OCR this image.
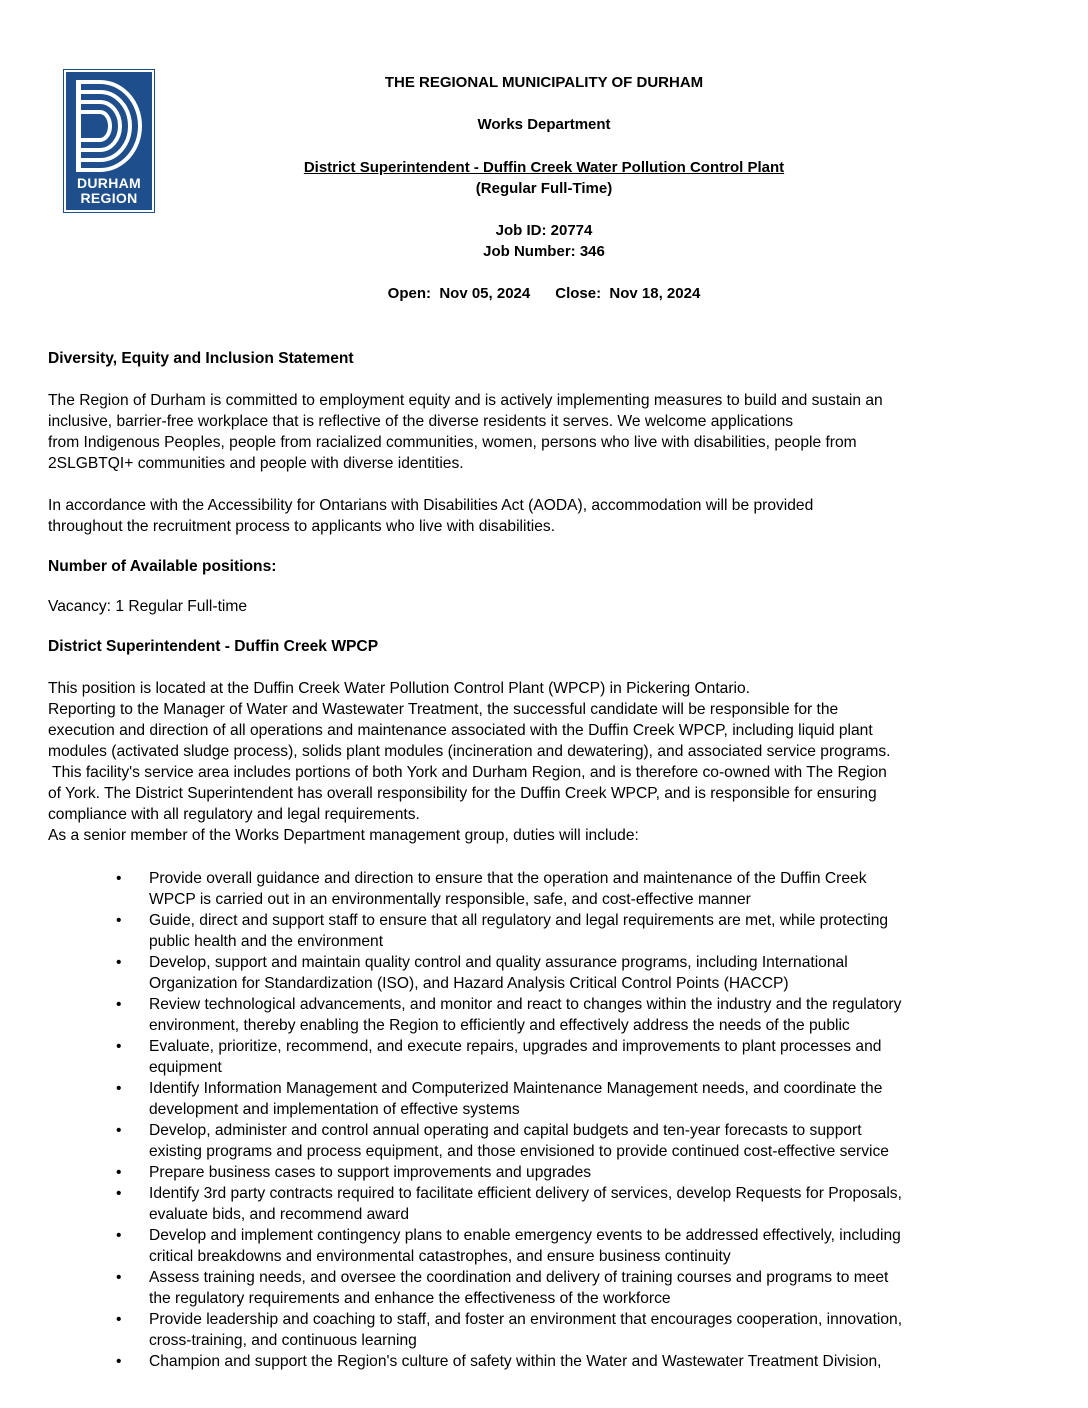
DURHAM
REGION
THE REGIONAL MUNICIPALITY OF DURHAM
Works Department
District Superintendent - Duffin Creek Water Pollution Control Plant
(Regular Full-Time)
Job ID: 20774
Job Number: 346
Open:  Nov 05, 2024      Close:  Nov 18, 2024

Diversity, Equity and Inclusion Statement

The Region of Durham is committed to employment equity and is actively implementing measures to build and sustain an

inclusive, barrier-free workplace that is reflective of the diverse residents it serves. We welcome applications

from Indigenous Peoples, people from racialized communities, women, persons who live with disabilities, people from

2SLGBTQI+ communities and people with diverse identities.

In accordance with the Accessibility for Ontarians with Disabilities Act (AODA), accommodation will be provided

throughout the recruitment process to applicants who live with disabilities.

Number of Available positions:

Vacancy: 1 Regular Full-time

District Superintendent - Duffin Creek WPCP

This position is located at the Duffin Creek Water Pollution Control Plant (WPCP) in Pickering Ontario.

Reporting to the Manager of Water and Wastewater Treatment, the successful candidate will be responsible for the

execution and direction of all operations and maintenance associated with the Duffin Creek WPCP, including liquid plant

modules (activated sludge process), solids plant modules (incineration and dewatering), and associated service programs.

This facility's service area includes portions of both York and Durham Region, and is therefore co-owned with The Region

of York. The District Superintendent has overall responsibility for the Duffin Creek WPCP, and is responsible for ensuring

compliance with all regulatory and legal requirements.

As a senior member of the Works Department management group, duties will include:

• Provide overall guidance and direction to ensure that the operation and maintenance of the Duffin Creek
WPCP is carried out in an environmentally responsible, safe, and cost-effective manner
• Guide, direct and support staff to ensure that all regulatory and legal requirements are met, while protecting
public health and the environment
• Develop, support and maintain quality control and quality assurance programs, including International
Organization for Standardization (ISO), and Hazard Analysis Critical Control Points (HACCP)
• Review technological advancements, and monitor and react to changes within the industry and the regulatory
environment, thereby enabling the Region to efficiently and effectively address the needs of the public
• Evaluate, prioritize, recommend, and execute repairs, upgrades and improvements to plant processes and
equipment
• Identify Information Management and Computerized Maintenance Management needs, and coordinate the
development and implementation of effective systems
• Develop, administer and control annual operating and capital budgets and ten-year forecasts to support
existing programs and process equipment, and those envisioned to provide continued cost-effective service
• Prepare business cases to support improvements and upgrades
• Identify 3rd party contracts required to facilitate efficient delivery of services, develop Requests for Proposals,
evaluate bids, and recommend award
• Develop and implement contingency plans to enable emergency events to be addressed effectively, including
critical breakdowns and environmental catastrophes, and ensure business continuity
• Assess training needs, and oversee the coordination and delivery of training courses and programs to meet
the regulatory requirements and enhance the effectiveness of the workforce
• Provide leadership and coaching to staff, and foster an environment that encourages cooperation, innovation,
cross-training, and continuous learning
• Champion and support the Region's culture of safety within the Water and Wastewater Treatment Division,
